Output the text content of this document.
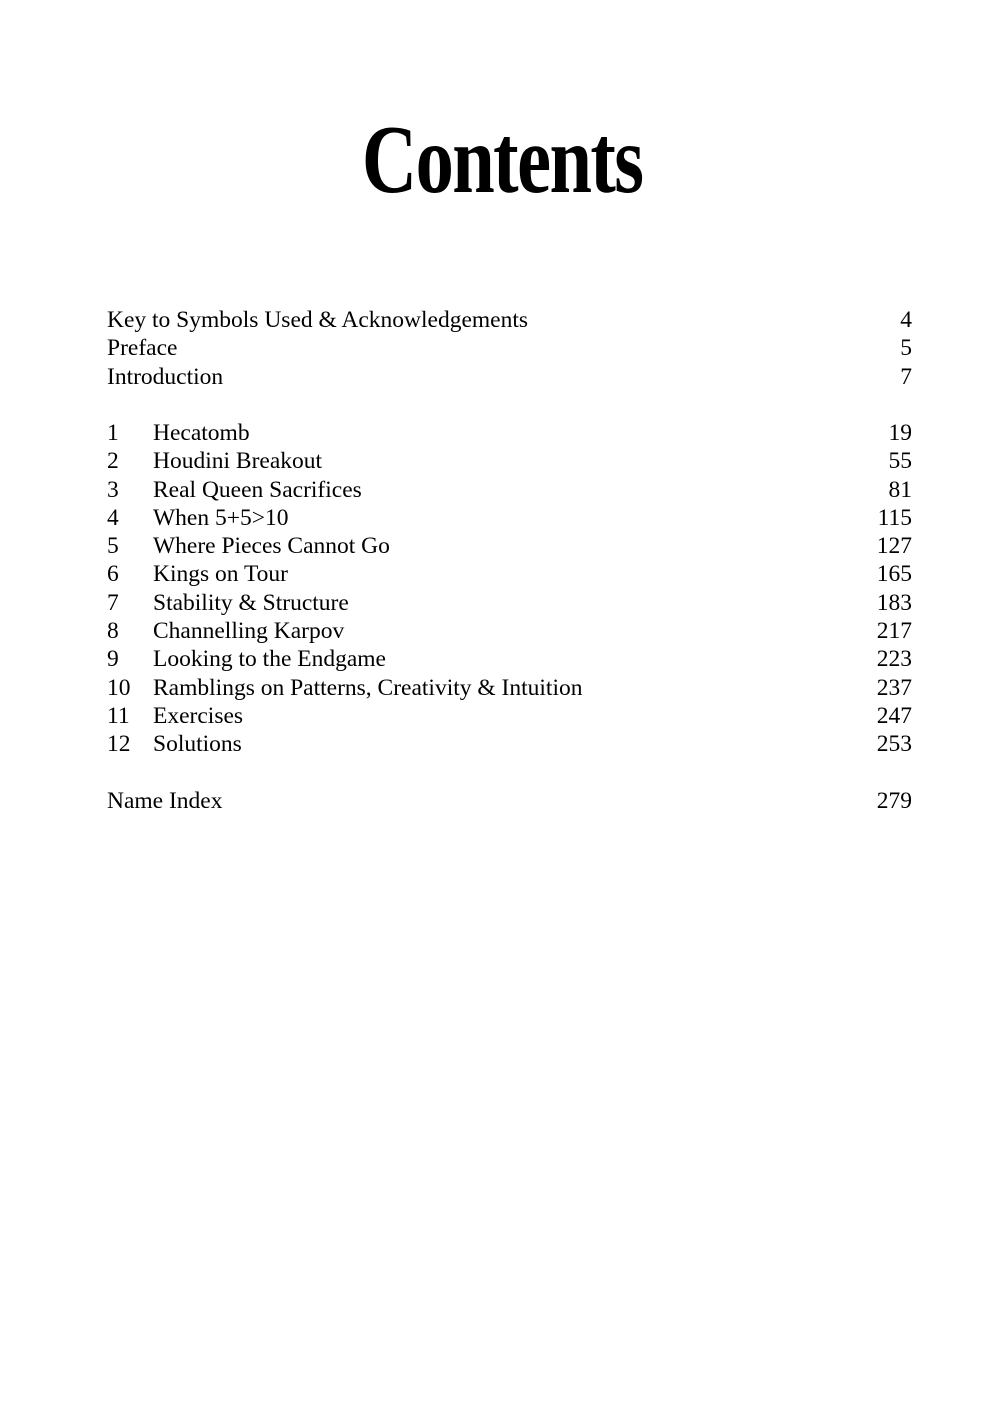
Contents
Key to Symbols Used & Acknowledgements	4
Preface	5
Introduction	7
1	Hecatomb	19
2	Houdini Breakout	55
3	Real Queen Sacrifices	81
4	When 5+5>10	115
5	Where Pieces Cannot Go	127
6	Kings on Tour	165
7	Stability & Structure	183
8	Channelling Karpov	217
9	Looking to the Endgame	223
10 Ramblings on Patterns, Creativity & Intuition	237
11 Exercises	247
12 Solutions	253
Name Index	279
